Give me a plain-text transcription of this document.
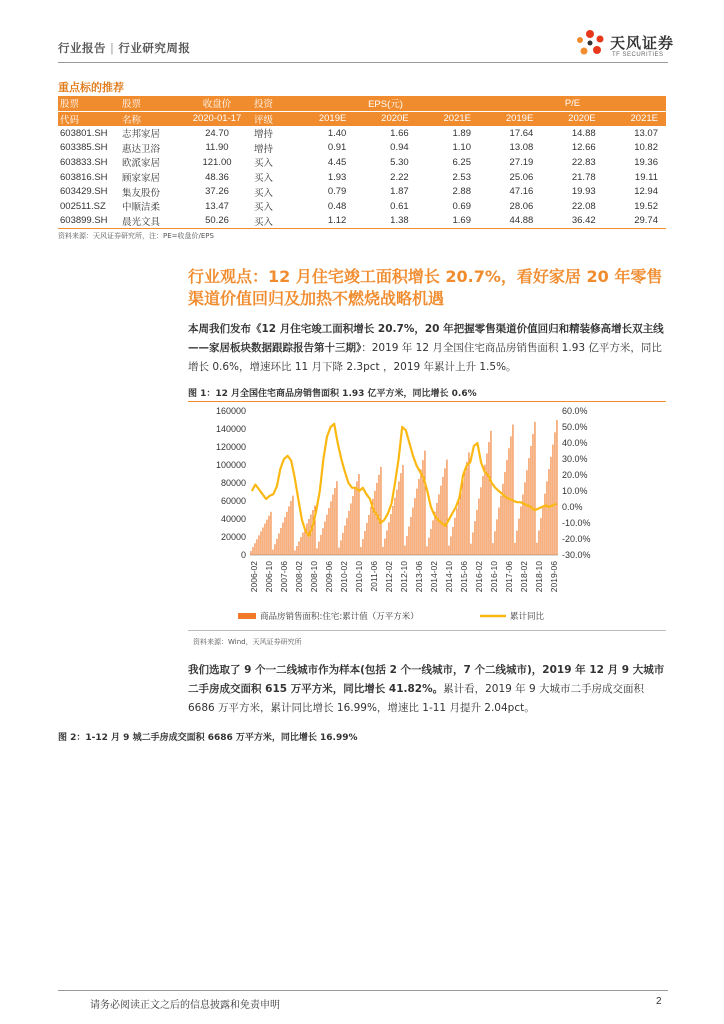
行业报告 | 行业研究周报	天风证券
TF SECURITIES
重点标的推荐
股票	股票	收盘价	投资	EPS(元)			P/E		
代码	名称	2020-01-17	评级	2019E	2020E	2021E	2019E	2020E	2021E
603801.SH	志邦家居	24.70	增持	1.40	1.66	1.89	17.64	14.88	13.07
603385.SH	惠达卫浴	11.90	增持	0.91	0.94	1.10	13.08	12.66	10.82
603833.SH	欧派家居	121.00	买入	4.45	5.30	6.25	27.19	22.83	19.36
603816.SH	顾家家居	48.36	买入	1.93	2.22	2.53	25.06	21.78	19.11
603429.SH	集友股份	37.26	买入	0.79	1.87	2.88	47.16	19.93	12.94
002511.SZ	中顺洁柔	13.47	买入	0.48	0.61	0.69	28.06	22.08	19.52
603899.SH	晨光文具	50.26	买入	1.12	1.38	1.69	44.88	36.42	29.74
资料来源：天风证券研究所，注：PE=收盘价/EPS
行业观点：12 月住宅竣工面积增长 20.7%，看好家居 20 年零售渠道价值回归及加热不燃烧战略机遇
本周我们发布《12 月住宅竣工面积增长 20.7%，20 年把握零售渠道价值回归和精装修高增长双主线——家居板块数据跟踪报告第十三期》：2019 年 12 月全国住宅商品房销售面积 1.93 亿平方米，同比增长 0.6%，增速环比 11 月下降 2.3pct ，2019 年累计上升 1.5%。
图 1：12 月全国住宅商品房销售面积 1.93 亿平方米，同比增长 0.6%
0
20000
40000
60000
80000
100000
120000
140000
160000
-30.0%
-20.0%
-10.0%
0.0%
10.0%
20.0%
30.0%
40.0%
50.0%
60.0%
2006-02 2006-10 2007-06 2008-02 2008-10 2009-06 2010-02 2010-10 2011-06 2012-02 2012-10 2013-06 2014-02 2014-10 2015-06 2016-02 2016-10 2017-06 2018-02 2018-10 2019-06
商品房销售面积:住宅:累计值（万平方米）	累计同比
资料来源：Wind，天风证券研究所
我们选取了 9 个一二线城市作为样本(包括 2 个一线城市，7 个二线城市)，2019 年 12 月 9 大城市二手房成交面积 615 万平方米，同比增长 41.82%。累计看，2019 年 9 大城市二手房成交面积6686 万平方米，累计同比增长 16.99%，增速比 1-11 月提升 2.04pct。
图 2：1-12 月 9 城二手房成交面积 6686 万平方米，同比增长 16.99%
请务必阅读正文之后的信息披露和免责申明	2
